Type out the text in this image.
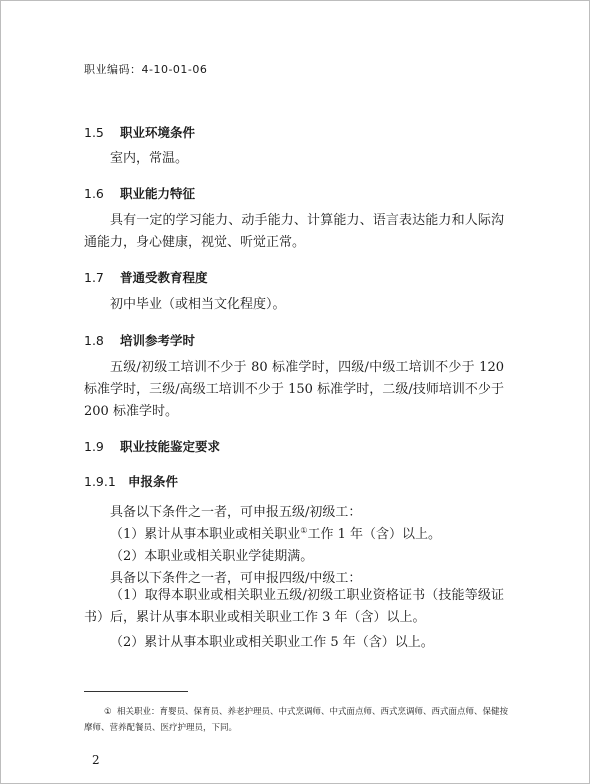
职业编码：4-10-01-06
1.5 职业环境条件
室内，常温。
1.6 职业能力特征
具有一定的学习能力、动手能力、计算能力、语言表达能力和人际沟通能力，身心健康，视觉、听觉正常。
1.7 普通受教育程度
初中毕业（或相当文化程度）。
1.8 培训参考学时
五级/初级工培训不少于 80 标准学时，四级/中级工培训不少于 120 标准学时，三级/高级工培训不少于 150 标准学时，二级/技师培训不少于 200 标准学时。
1.9 职业技能鉴定要求
1.9.1 申报条件
具备以下条件之一者，可申报五级/初级工：
（1）累计从事本职业或相关职业①工作 1 年（含）以上。
（2）本职业或相关职业学徒期满。
具备以下条件之一者，可申报四级/中级工：
（1）取得本职业或相关职业五级/初级工职业资格证书（技能等级证书）后，累计从事本职业或相关职业工作 3 年（含）以上。
（2）累计从事本职业或相关职业工作 5 年（含）以上。
① 相关职业：育婴员、保育员、养老护理员、中式烹调师、中式面点师、西式烹调师、西式面点师、保健按摩师、营养配餐员、医疗护理员，下同。
2
